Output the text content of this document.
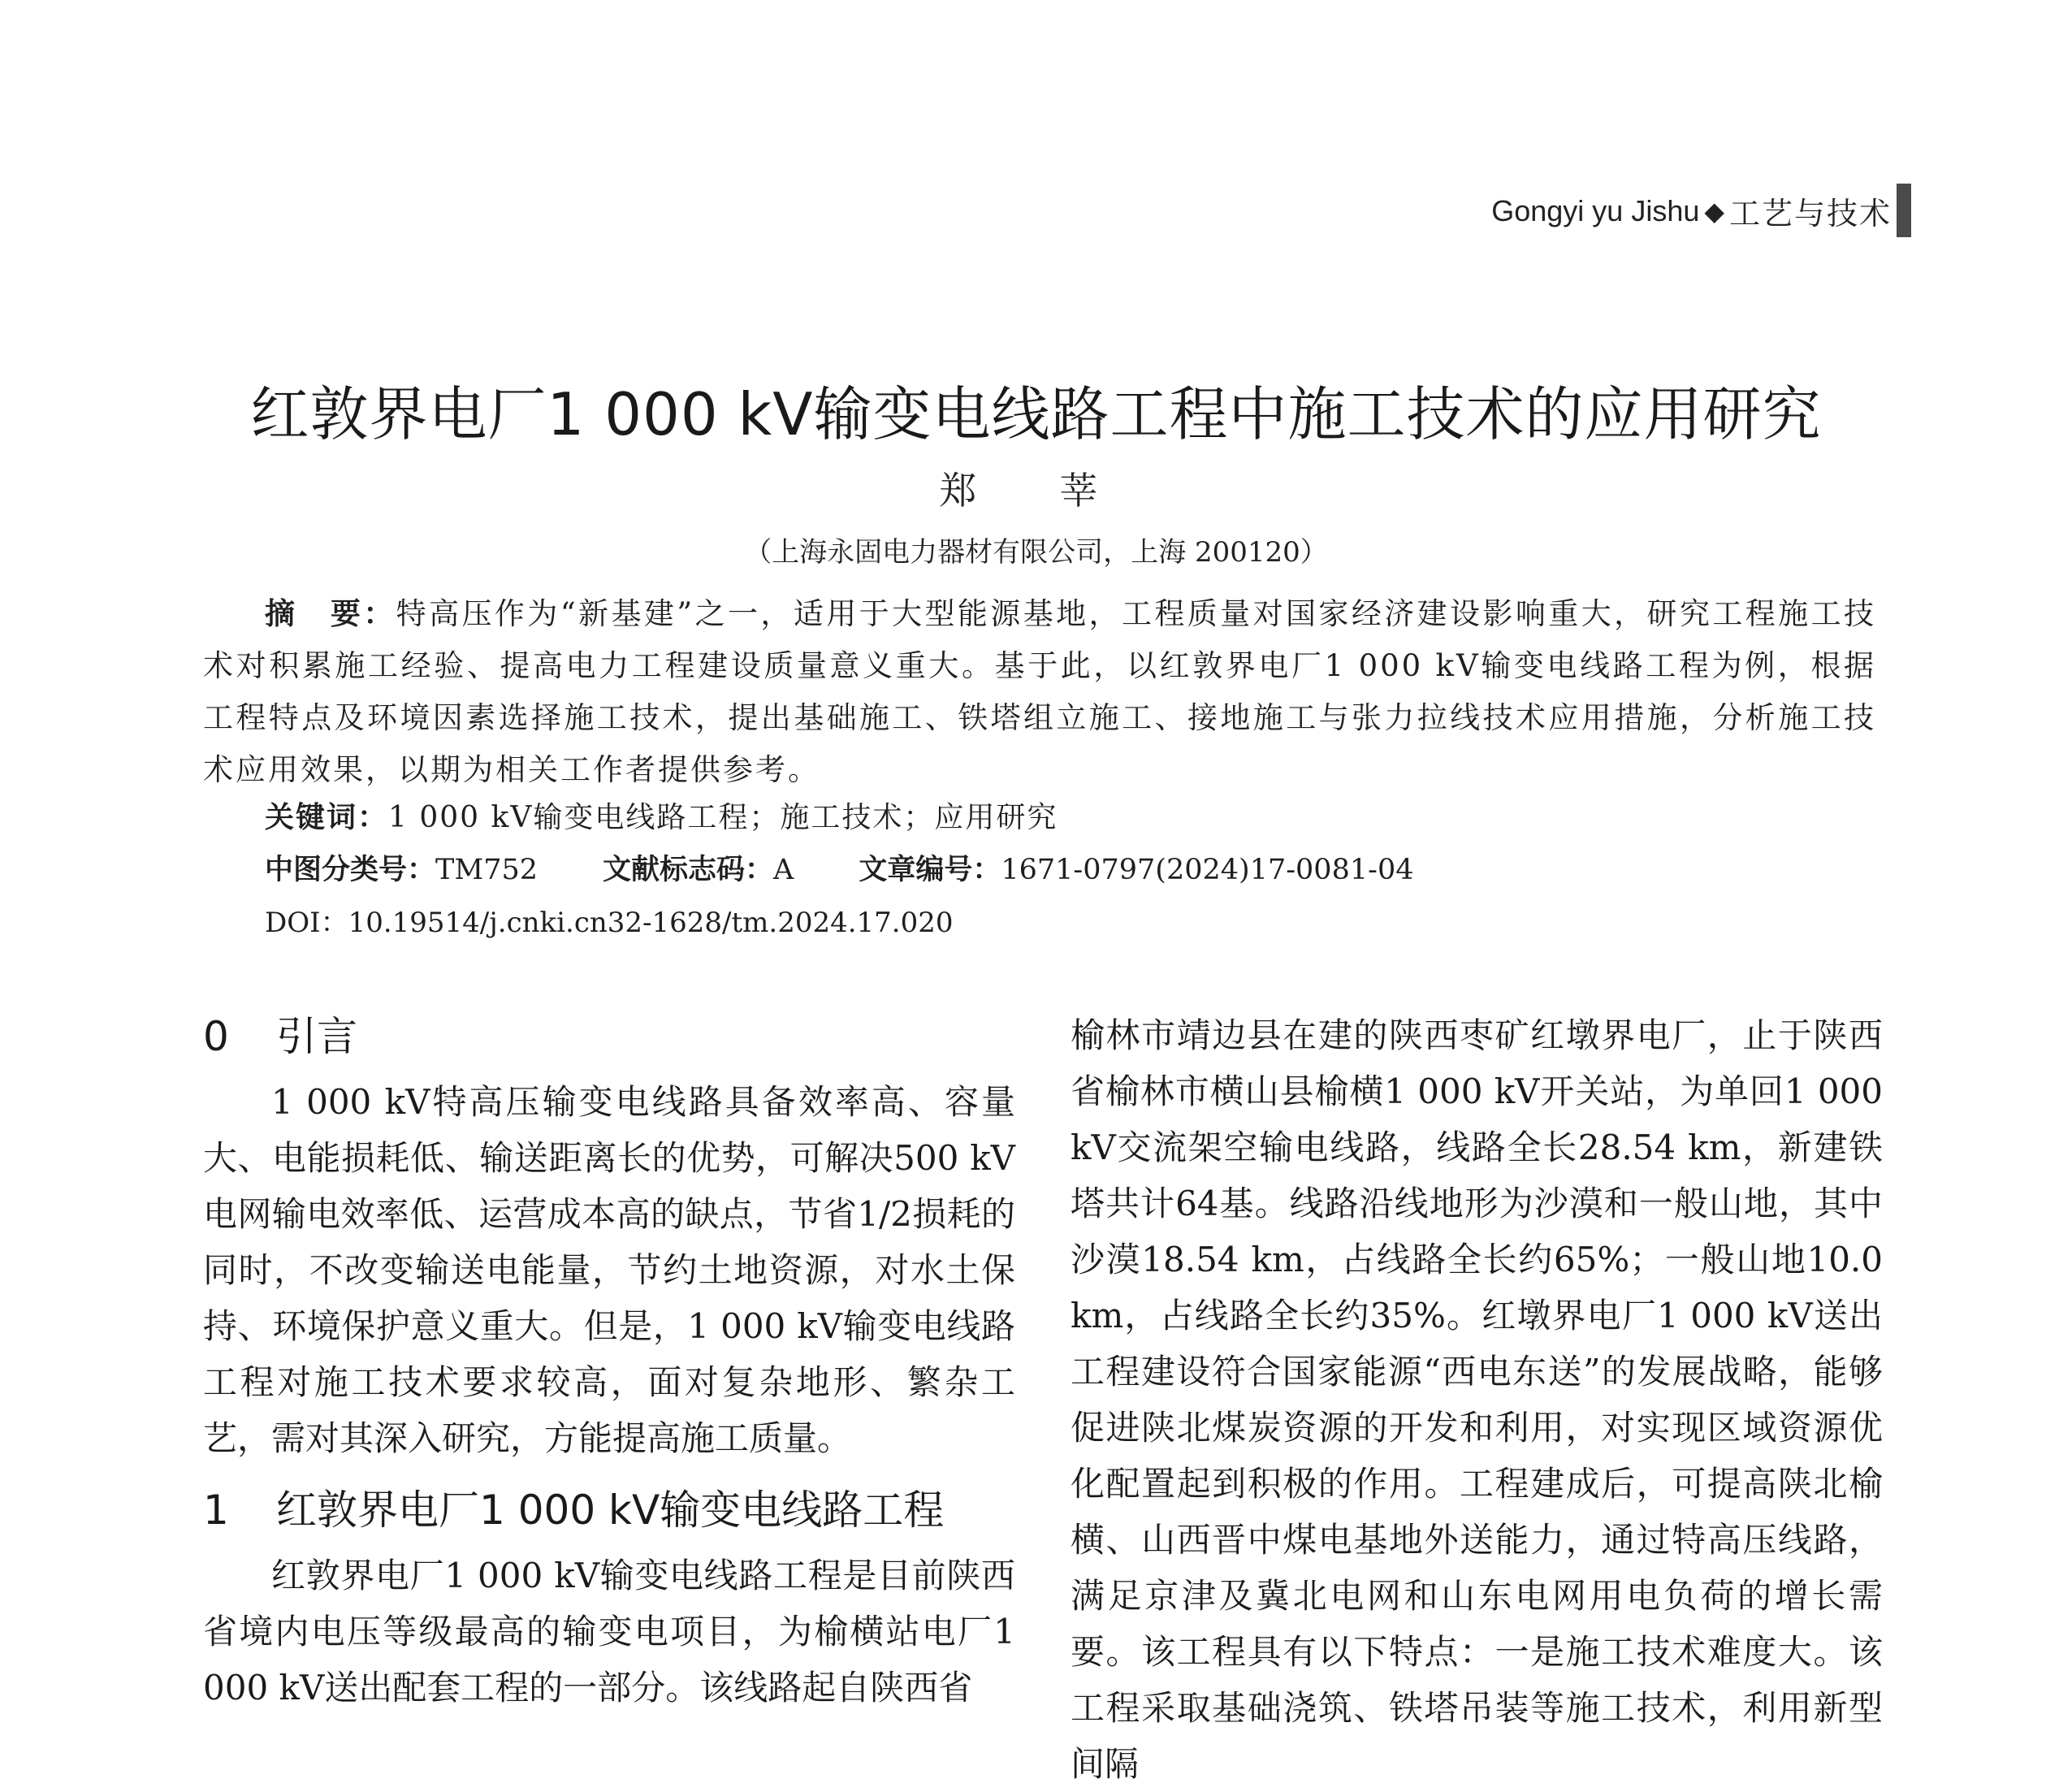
Gongyi yu Jishu ◆ 工艺与技术
红敦界电厂1 000 kV输变电线路工程中施工技术的应用研究
郑 莘
（上海永固电力器材有限公司，上海 200120）

摘　要：特高压作为“新基建”之一，适用于大型能源基地，工程质量对国家经济建设影响重大，研究工程施工技术对积累施工经验、提高电力工程建设质量意义重大。基于此，以红敦界电厂1 000 kV输变电线路工程为例，根据工程特点及环境因素选择施工技术，提出基础施工、铁塔组立施工、接地施工与张力拉线技术应用措施，分析施工技术应用效果，以期为相关工作者提供参考。

关键词：1 000 kV输变电线路工程；施工技术；应用研究
中图分类号：TM752 文献标志码：A 文章编号：1671-0797(2024)17-0081-04
DOI：10.19514/j.cnki.cn32-1628/tm.2024.17.020
0	引言

1 000 kV特高压输变电线路具备效率高、容量大、电能损耗低、输送距离长的优势，可解决500 kV电网输电效率低、运营成本高的缺点，节省1/2损耗的同时，不改变输送电能量，节约土地资源，对水土保持、环境保护意义重大。但是，1 000 kV输变电线路工程对施工技术要求较高，面对复杂地形、繁杂工艺，需对其深入研究，方能提高施工质量。

1	红敦界电厂1 000 kV输变电线路工程

红敦界电厂1 000 kV输变电线路工程是目前陕西省境内电压等级最高的输变电项目，为榆横站电厂1 000 kV送出配套工程的一部分。该线路起自陕西省

榆林市靖边县在建的陕西枣矿红墩界电厂，止于陕西省榆林市横山县榆横1 000 kV开关站，为单回1 000 kV交流架空输电线路，线路全长28.54 km，新建铁塔共计64基。线路沿线地形为沙漠和一般山地，其中沙漠18.54 km，占线路全长约65%；一般山地10.0 km，占线路全长约35%。红墩界电厂1 000 kV送出工程建设符合国家能源“西电东送”的发展战略，能够促进陕北煤炭资源的开发和利用，对实现区域资源优化配置起到积极的作用。工程建成后，可提高陕北榆横、山西晋中煤电基地外送能力，通过特高压线路，满足京津及冀北电网和山东电网用电负荷的增长需要。该工程具有以下特点：一是施工技术难度大。该工程采取基础浇筑、铁塔吊装等施工技术，利用新型间隔
